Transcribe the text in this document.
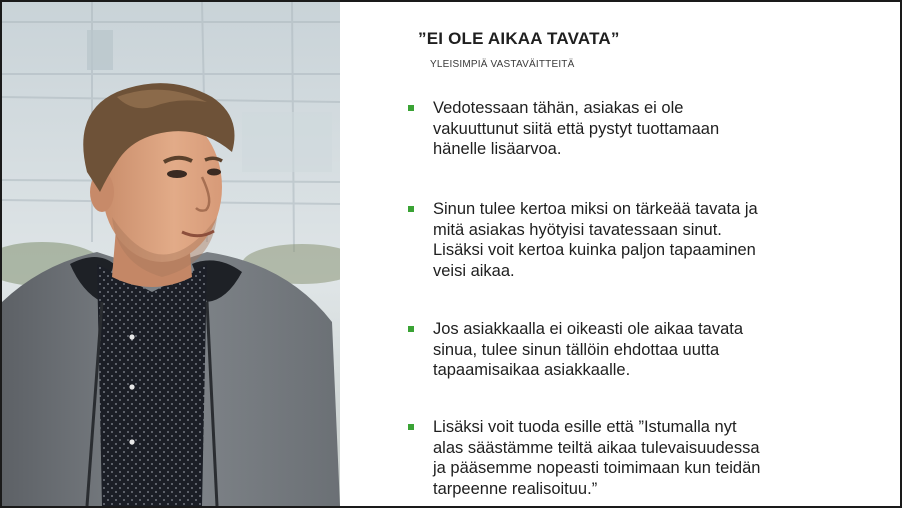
”EI OLE AIKAA TAVATA”

YLEISIMPIÄ VASTAVÄITTEITÄ

Vedotessaan tähän, asiakas ei ole
vakuuttunut siitä että pystyt tuottamaan
hänelle lisäarvoa.
Sinun tulee kertoa miksi on tärkeää tavata ja
mitä asiakas hyötyisi tavatessaan sinut.
Lisäksi voit kertoa kuinka paljon tapaaminen
veisi aikaa.
Jos asiakkaalla ei oikeasti ole aikaa tavata
sinua, tulee sinun tällöin ehdottaa uutta
tapaamisaikaa asiakkaalle.
Lisäksi voit tuoda esille että ”Istumalla nyt
alas säästämme teiltä aikaa tulevaisuudessa
ja pääsemme nopeasti toimimaan kun teidän
tarpeenne realisoituu.”
